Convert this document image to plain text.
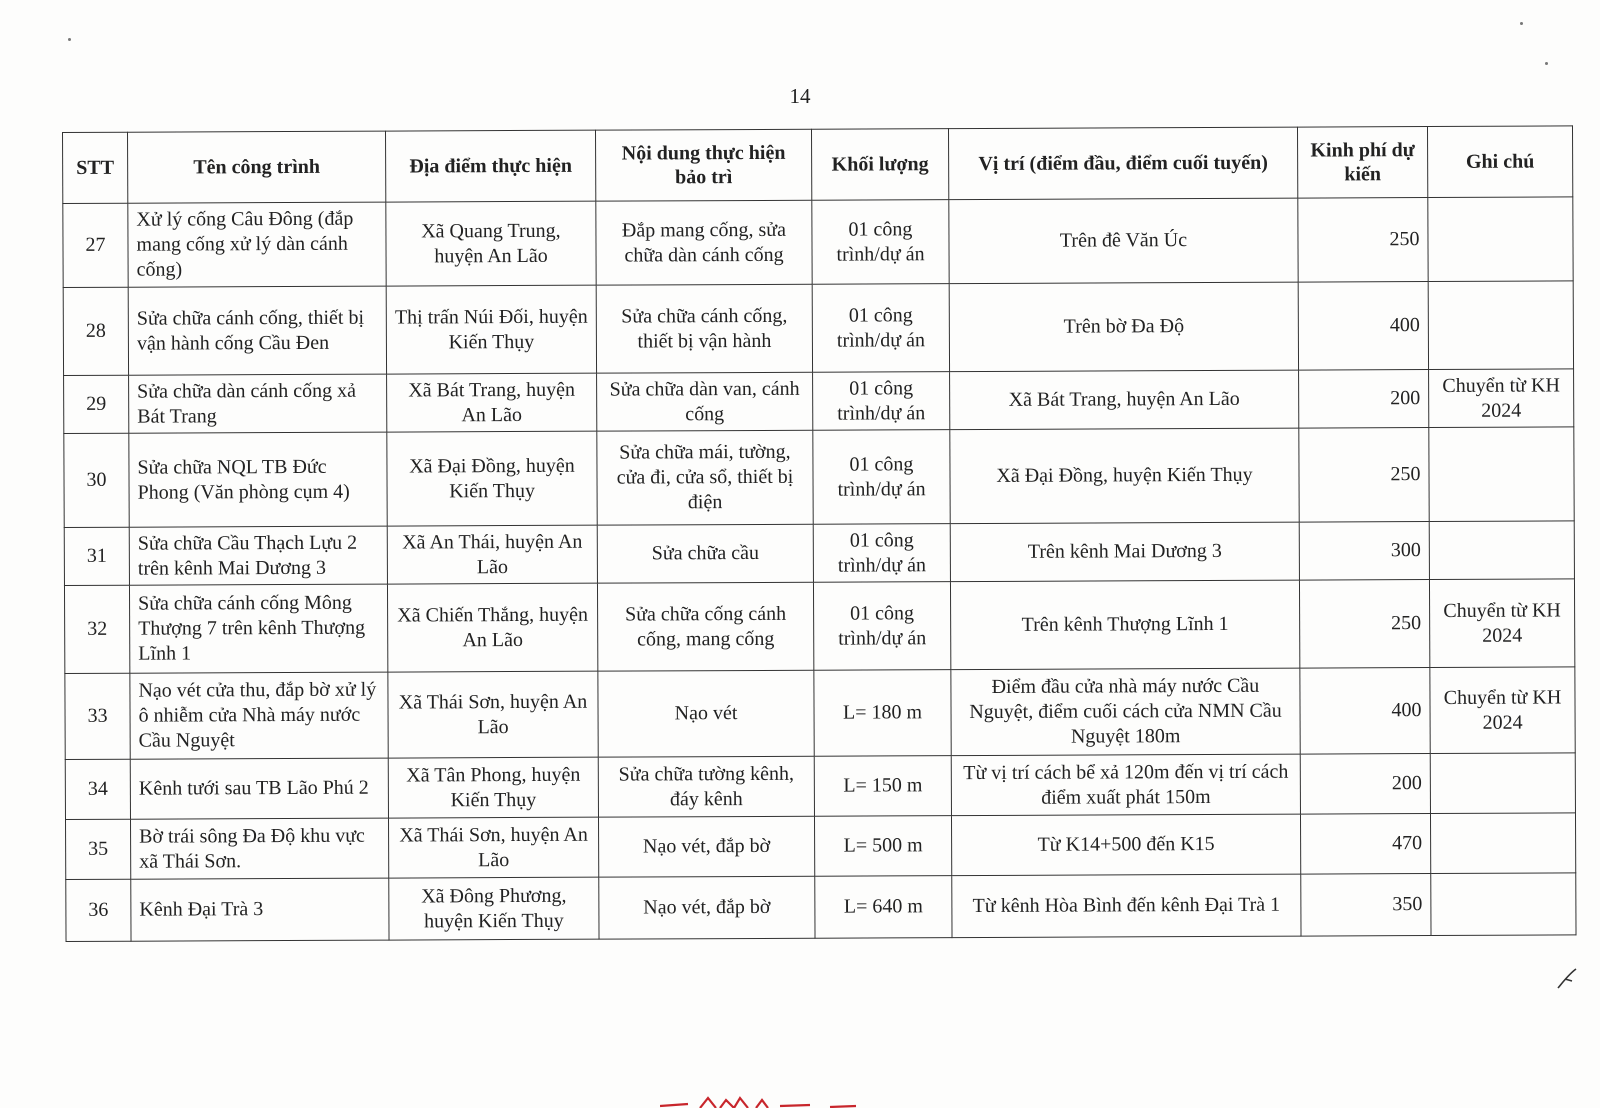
14
STT	Tên công trình	Địa điểm thực hiện	Nội dung thực hiện bảo trì	Khối lượng	Vị trí (điểm đầu, điểm cuối tuyến)	Kinh phí dự kiến	Ghi chú
27	Xử lý cống Câu Đông (đắp mang cống xử lý dàn cánh cống)	Xã Quang Trung, huyện An Lão	Đắp mang cống, sửa chữa dàn cánh cống	01 công trình/dự án	Trên đê Văn Úc	250	
28	Sửa chữa cánh cống, thiết bị vận hành cống Cầu Đen	Thị trấn Núi Đối, huyện Kiến Thụy	Sửa chữa cánh cống, thiết bị vận hành	01 công trình/dự án	Trên bờ Đa Độ	400	
29	Sửa chữa dàn cánh cống xả Bát Trang	Xã Bát Trang, huyện An Lão	Sửa chữa dàn van, cánh cống	01 công trình/dự án	Xã Bát Trang, huyện An Lão	200	Chuyển từ KH 2024
30	Sửa chữa NQL TB Đức Phong (Văn phòng cụm 4)	Xã Đại Đồng, huyện Kiến Thụy	Sửa chữa mái, tường, cửa đi, cửa sổ, thiết bị điện	01 công trình/dự án	Xã Đại Đồng, huyện Kiến Thụy	250	
31	Sửa chữa Cầu Thạch Lựu 2 trên kênh Mai Dương 3	Xã An Thái, huyện An Lão	Sửa chữa cầu	01 công trình/dự án	Trên kênh Mai Dương 3	300	
32	Sửa chữa cánh cống Mông Thượng 7 trên kênh Thượng Lĩnh 1	Xã Chiến Thắng, huyện An Lão	Sửa chữa cống cánh cống, mang cống	01 công trình/dự án	Trên kênh Thượng Lĩnh 1	250	Chuyển từ KH 2024
33	Nạo vét cửa thu, đắp bờ xử lý ô nhiễm cửa Nhà máy nước Cầu Nguyệt	Xã Thái Sơn, huyện An Lão	Nạo vét	L= 180 m	Điểm đầu cửa nhà máy nước Cầu Nguyệt, điểm cuối cách cửa NMN Cầu Nguyệt 180m	400	Chuyển từ KH 2024
34	Kênh tưới sau TB Lão Phú 2	Xã Tân Phong, huyện Kiến Thụy	Sửa chữa tường kênh, đáy kênh	L= 150 m	Từ vị trí cách bể xả 120m đến vị trí cách điểm xuất phát 150m	200	
35	Bờ trái sông Đa Độ khu vực xã Thái Sơn.	Xã Thái Sơn, huyện An Lão	Nạo vét, đắp bờ	L= 500 m	Từ K14+500 đến K15	470	
36	Kênh Đại Trà 3	Xã Đông Phương, huyện Kiến Thụy	Nạo vét, đắp bờ	L= 640 m	Từ kênh Hòa Bình đến kênh Đại Trà 1	350	
